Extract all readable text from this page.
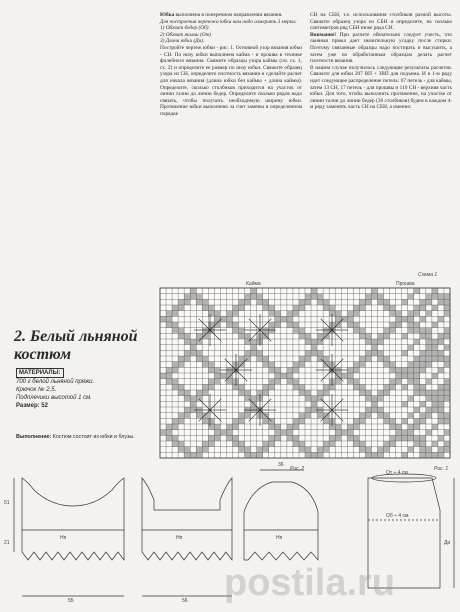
Юбка выполнена в поперечном направлении вязания.

Для построения чертежа юбки вам надо измерить 3 мерки:

1) Обхват бедер (Об)

2) Обхват талии (От)

3) Длина юбки (Ди).

Постройте чертеж юбки - рис. 1. Основной узор вязания юбки - СН. По низу юбки выполнена кайма - и прошва в технике филейного вязания. Свяжите образцы узора каймы (см. сх. 1, сх. 2) и определите ее размер по низу юбки. Свяжите образец узора из СН, определите плотность вязания и сделайте расчет для начала вязания (длина юбки без каймы + длина каймы). Определите, сколько столбиков приходится на участок от линии талии до линии бедер. Определите сколько рядов надо связать, чтобы получить необходимую ширину юбки. Протяжение юбки выполнено за счет замены в определенном порядке

СН на СБН, т.е. использования столбиков разной высоты. Свяжите образец узора из СБН и определите, на сколько сантиметров ряд СБН ниже ряда СН.

Внимание! При расчете обязательно следует учесть, что льняная пряжа дает значительную усадку после стирки. Поэтому связанные образцы надо постирать и высушить, а затем уже по обработанным образцам делать расчет плотности вязания.

В нашем случае получилось следующие результаты расчетов. Свяжите для юбки 207 ВП + 3ВП для подъема. И в 1-м ряду идет следующее распределение петель: 67 петель - для каймы, затем 13 СН, 17 петель - для прошвы и 110 СН - верхняя часть юбки. Для того, чтобы выполнить протяжение, на участке от линии талии до линии бедер (36 столбиков) будем в каждом 4-м ряду заменять часть СН на СБН, а именно:

Схема 1
Кайма	Прошва
2. Белый льняной
костюм
МАТЕРИАЛЫ:
700 г белой льняной пряжи.
Крючок № 2,5.
Подплечики высотой 1 см.
Размер: 52
Выполнение: Костюм состоит из юбки и блузы.
Рис. 2	Рис. 1
От ÷ 4 см
Об ÷ 4 см
Ди
55	56
36
51
21
Нп	Нп	Нп
postila.ru
